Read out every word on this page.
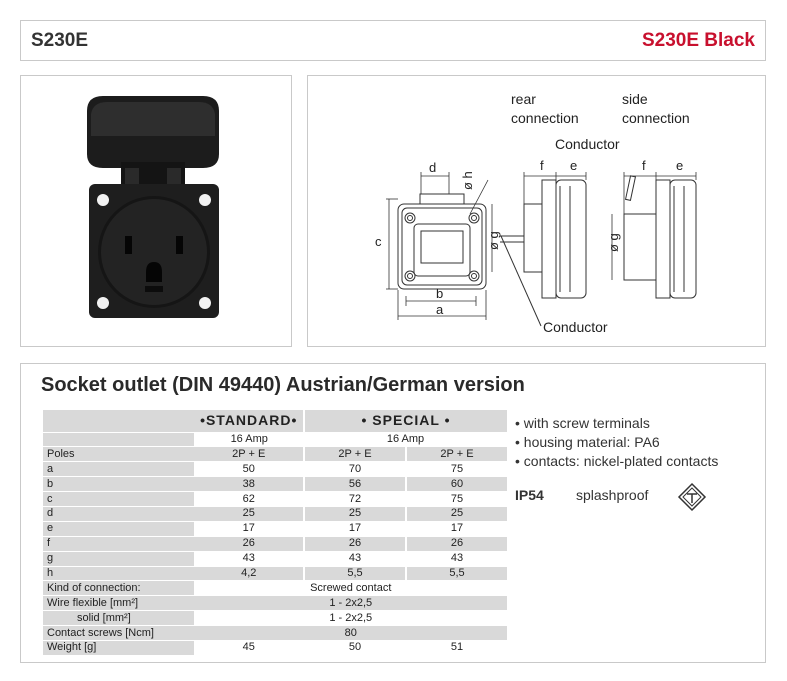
S230E	S230E Black
rear
connection
side
connection
Conductor
Conductor
d
c
b
a
ø h
f e
ø g
f e
ø g
Socket outlet (DIN 49440) Austrian/German version
	•STANDARD•	• SPECIAL •	
	16 Amp	16 Amp	
Poles	2P + E	2P + E	2P + E
a	50	70	75
b	38	56	60
c	62	72	75
d	25	25	25
e	17	17	17
f	26	26	26
g	43	43	43
h	4,2	5,5	5,5
Kind of connection:	Screwed contact		
Wire flexible [mm²]	1 - 2x2,5		
solid [mm²]	1 - 2x2,5		
Contact screws [Ncm]	80		
Weight [g]	45	50	51
• with screw terminals
• housing material: PA6
• contacts: nickel-plated contacts
IP54 splashproof
